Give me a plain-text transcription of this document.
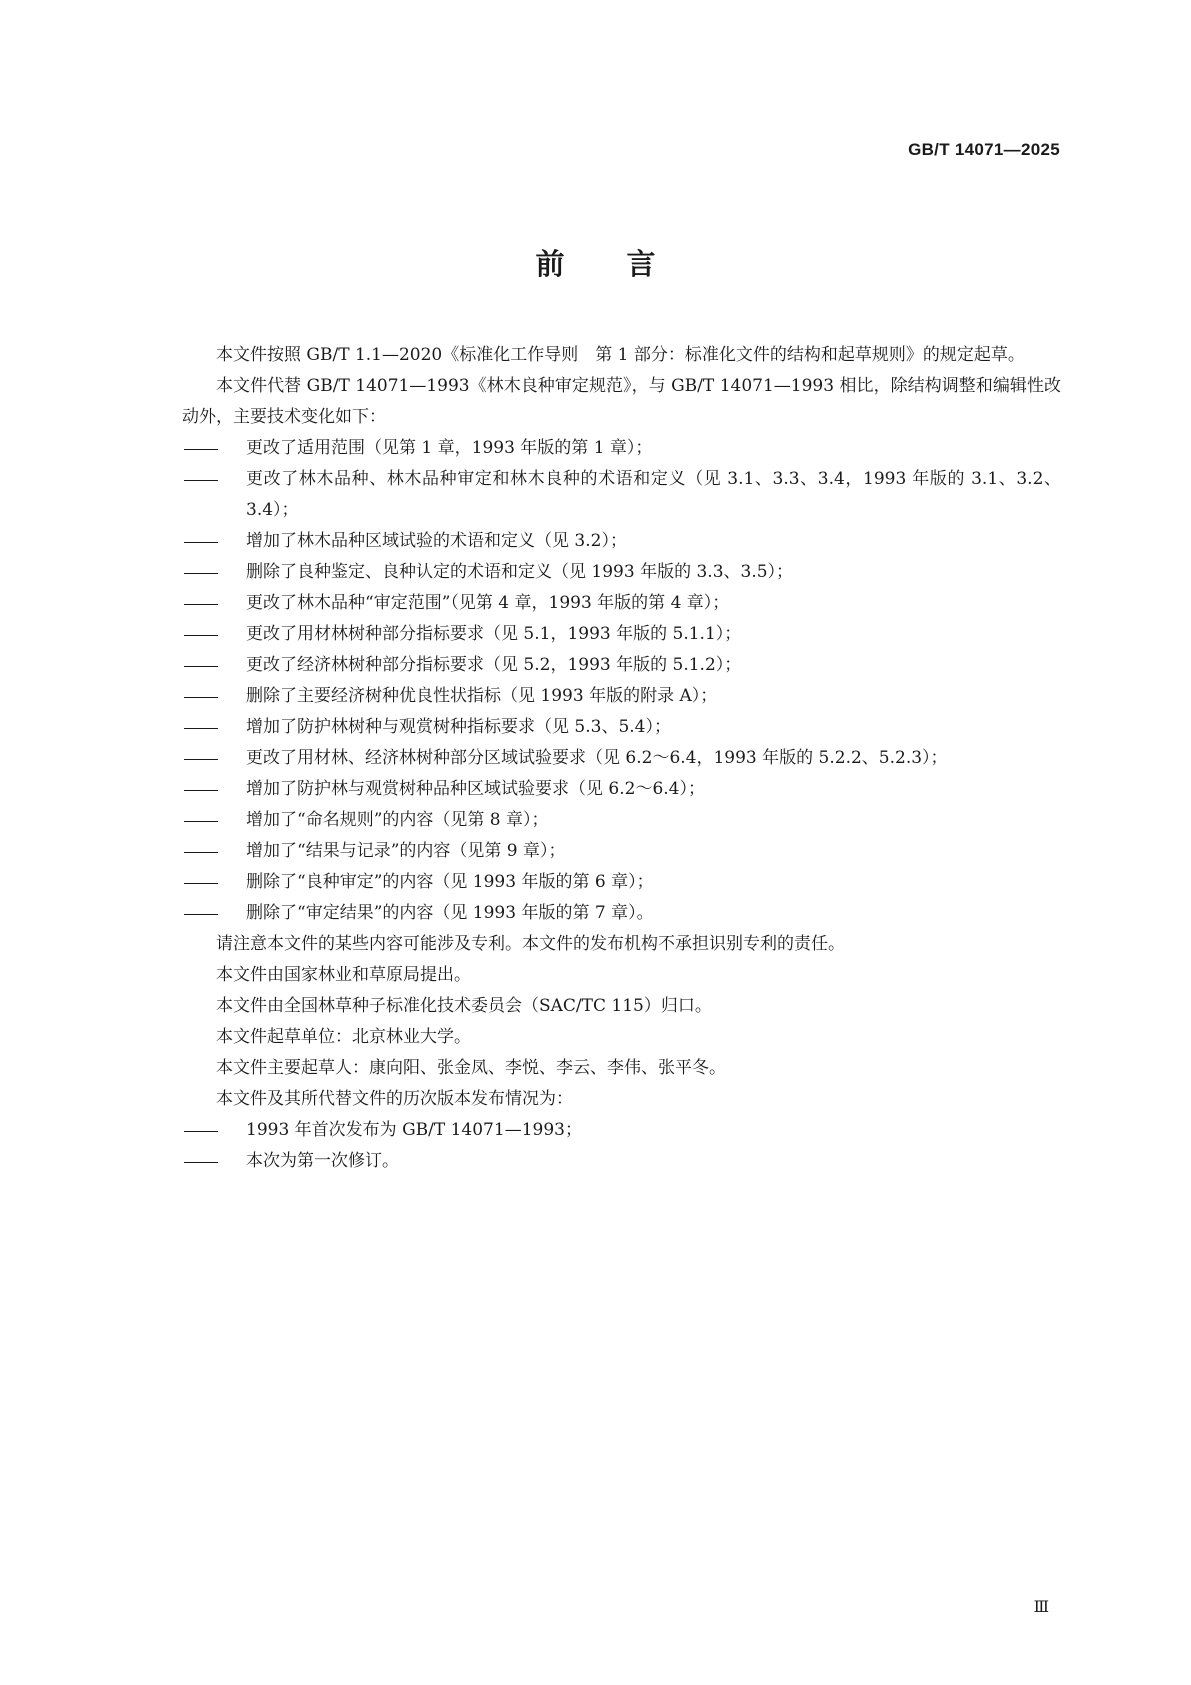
GB/T 14071—2025
前言
本文件按照 GB/T 1.1—2020《标准化工作导则　第 1 部分：标准化文件的结构和起草规则》的规定起草。
本文件代替 GB/T 14071—1993《林木良种审定规范》，与 GB/T 14071—1993 相比，除结构调整和编辑性改动外，主要技术变化如下：
更改了适用范围（见第 1 章，1993 年版的第 1 章）；
更改了林木品种、林木品种审定和林木良种的术语和定义（见 3.1、3.3、3.4，1993 年版的 3.1、3.2、3.4）；
增加了林木品种区域试验的术语和定义（见 3.2）；
删除了良种鉴定、良种认定的术语和定义（见 1993 年版的 3.3、3.5）；
更改了林木品种“审定范围”（见第 4 章，1993 年版的第 4 章）；
更改了用材林树种部分指标要求（见 5.1，1993 年版的 5.1.1）；
更改了经济林树种部分指标要求（见 5.2，1993 年版的 5.1.2）；
删除了主要经济树种优良性状指标（见 1993 年版的附录 A）；
增加了防护林树种与观赏树种指标要求（见 5.3、5.4）；
更改了用材林、经济林树种部分区域试验要求（见 6.2～6.4，1993 年版的 5.2.2、5.2.3）；
增加了防护林与观赏树种品种区域试验要求（见 6.2～6.4）；
增加了“命名规则”的内容（见第 8 章）；
增加了“结果与记录”的内容（见第 9 章）；
删除了“良种审定”的内容（见 1993 年版的第 6 章）；
删除了“审定结果”的内容（见 1993 年版的第 7 章）。
请注意本文件的某些内容可能涉及专利。本文件的发布机构不承担识别专利的责任。
本文件由国家林业和草原局提出。
本文件由全国林草种子标准化技术委员会（SAC/TC 115）归口。
本文件起草单位：北京林业大学。
本文件主要起草人：康向阳、张金凤、李悦、李云、李伟、张平冬。
本文件及其所代替文件的历次版本发布情况为：
1993 年首次发布为 GB/T 14071—1993；
本次为第一次修订。
Ⅲ
